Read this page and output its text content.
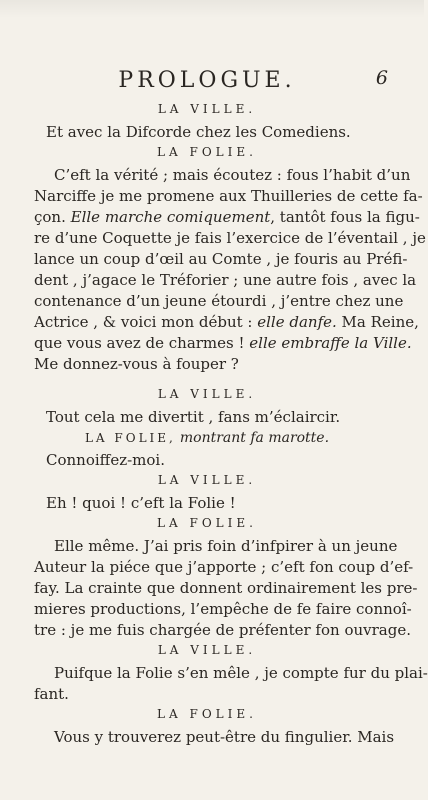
PROLOGUE.	6
LA VILLE.
Et avec la Difcorde chez les Comediens.
LA FOLIE.
C’eft la vérité ; mais écoutez : fous l’habit d’un
Narciffe je me promene aux Thuilleries de cette fa-
çon. Elle marche comiquement, tantôt fous la figu-
re d’une Coquette je fais l’exercice de l’éventail , je
lance un coup d’œil au Comte , je fouris au Préfi-
dent , j’agace le Tréforier ; une autre fois , avec la
contenance d’un jeune étourdi , j’entre chez une
Actrice , & voici mon début : elle danfe. Ma Reine,
que vous avez de charmes ! elle embraffe la Ville.
Me donnez-vous à fouper ?
LA VILLE.
Tout cela me divertit , fans m’éclaircir.
LA FOLIE, montrant fa marotte.
Connoiffez-moi.
LA VILLE.
Eh ! quoi ! c’eft la Folie !
LA FOLIE.
Elle même. J’ai pris foin d’infpirer à un jeune
Auteur la piéce que j’apporte ; c’eft fon coup d’ef-
fay. La crainte que donnent ordinairement les pre-
mieres productions, l’empêche de fe faire connoî-
tre : je me fuis chargée de préfenter fon ouvrage.
LA VILLE.
Puifque la Folie s’en mêle , je compte fur du plai-
fant.
LA FOLIE.
Vous y trouverez peut-être du fingulier. Mais
